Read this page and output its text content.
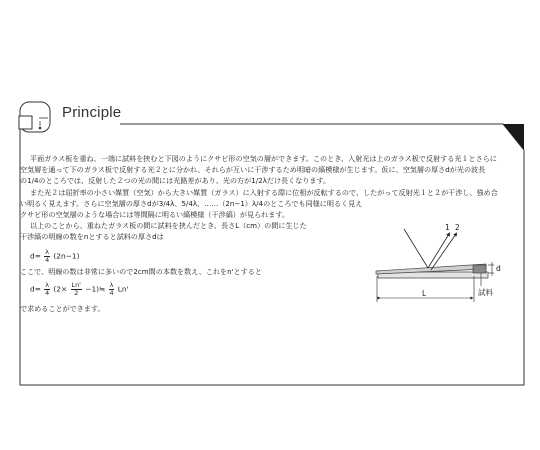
Principle

平面ガラス板を重ね、一端に試料を挟むと下図のようにクサビ形の空気の層ができます。このとき、入射光は上のガラス板で反射する光１とさらに

空気層を通って下のガラス板で反射する光２とに分かれ、それらが互いに干渉するため明暗の縞模様が生じます。仮に、空気層の厚さdが光の波長

の1/4のところでは、反射した２つの光の間には光路差があり、光の方が1/2λだけ長くなります。

また光２は屈折率の小さい媒質（空気）から大きい媒質（ガラス）に入射する際に位相が反転するので、したがって反射光１と２が干渉し、強め合

い明るく見えます。さらに空気層の厚さdが3/4λ、5/4λ、……（2n−1）λ/4のところでも同様に明るく見え

クサビ形の空気層のような場合には等間隔に明るい縞模様（干渉縞）が見られます。

以上のことから、重ねたガラス板の間に試料を挟んだとき、長さL（cm）の間に生じた

干渉縞の明線の数をnとすると試料の厚さdは

$d= \frac{\lambda}{4} (2n-1)$

ここで、明線の数は非常に多いので2cm間の本数を数え、これをn'とすると

$d= \frac{\lambda}{4} (2\times \frac{Ln'}{2}$ −1)≒ $\frac{\lambda}{4} Ln'$

で求めることができます。

1 2
d
L	試料
